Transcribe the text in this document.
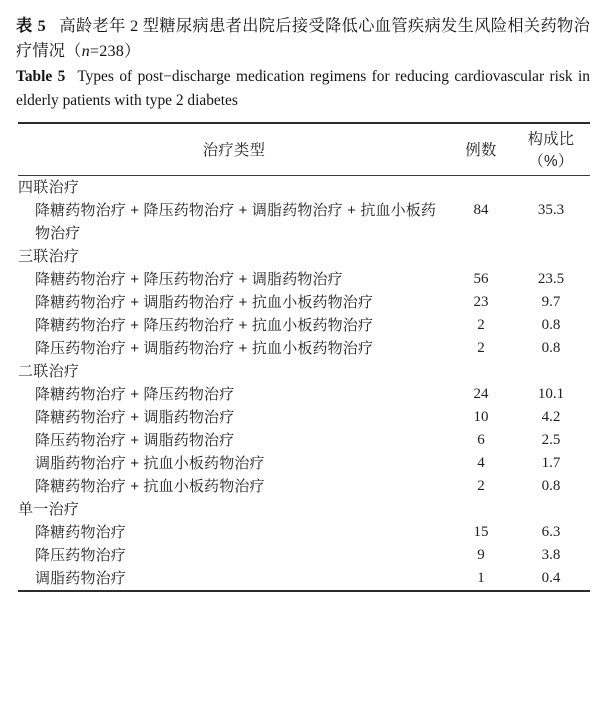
表 5 高龄老年 2 型糖尿病患者出院后接受降低心血管疾病发生风险相关药物治疗情况（n=238）
Table 5 Types of post−discharge medication regimens for reducing cardiovascular risk in elderly patients with type 2 diabetes
治疗类型	例数	构成比（%）
四联治疗		
降糖药物治疗 + 降压药物治疗 + 调脂药物治疗 + 抗血小板药物治疗	84	35.3
三联治疗		
降糖药物治疗 + 降压药物治疗 + 调脂药物治疗	56	23.5
降糖药物治疗 + 调脂药物治疗 + 抗血小板药物治疗	23	9.7
降糖药物治疗 + 降压药物治疗 + 抗血小板药物治疗	2	0.8
降压药物治疗 + 调脂药物治疗 + 抗血小板药物治疗	2	0.8
二联治疗		
降糖药物治疗 + 降压药物治疗	24	10.1
降糖药物治疗 + 调脂药物治疗	10	4.2
降压药物治疗 + 调脂药物治疗	6	2.5
调脂药物治疗 + 抗血小板药物治疗	4	1.7
降糖药物治疗 + 抗血小板药物治疗	2	0.8
单一治疗		
降糖药物治疗	15	6.3
降压药物治疗	9	3.8
调脂药物治疗	1	0.4
